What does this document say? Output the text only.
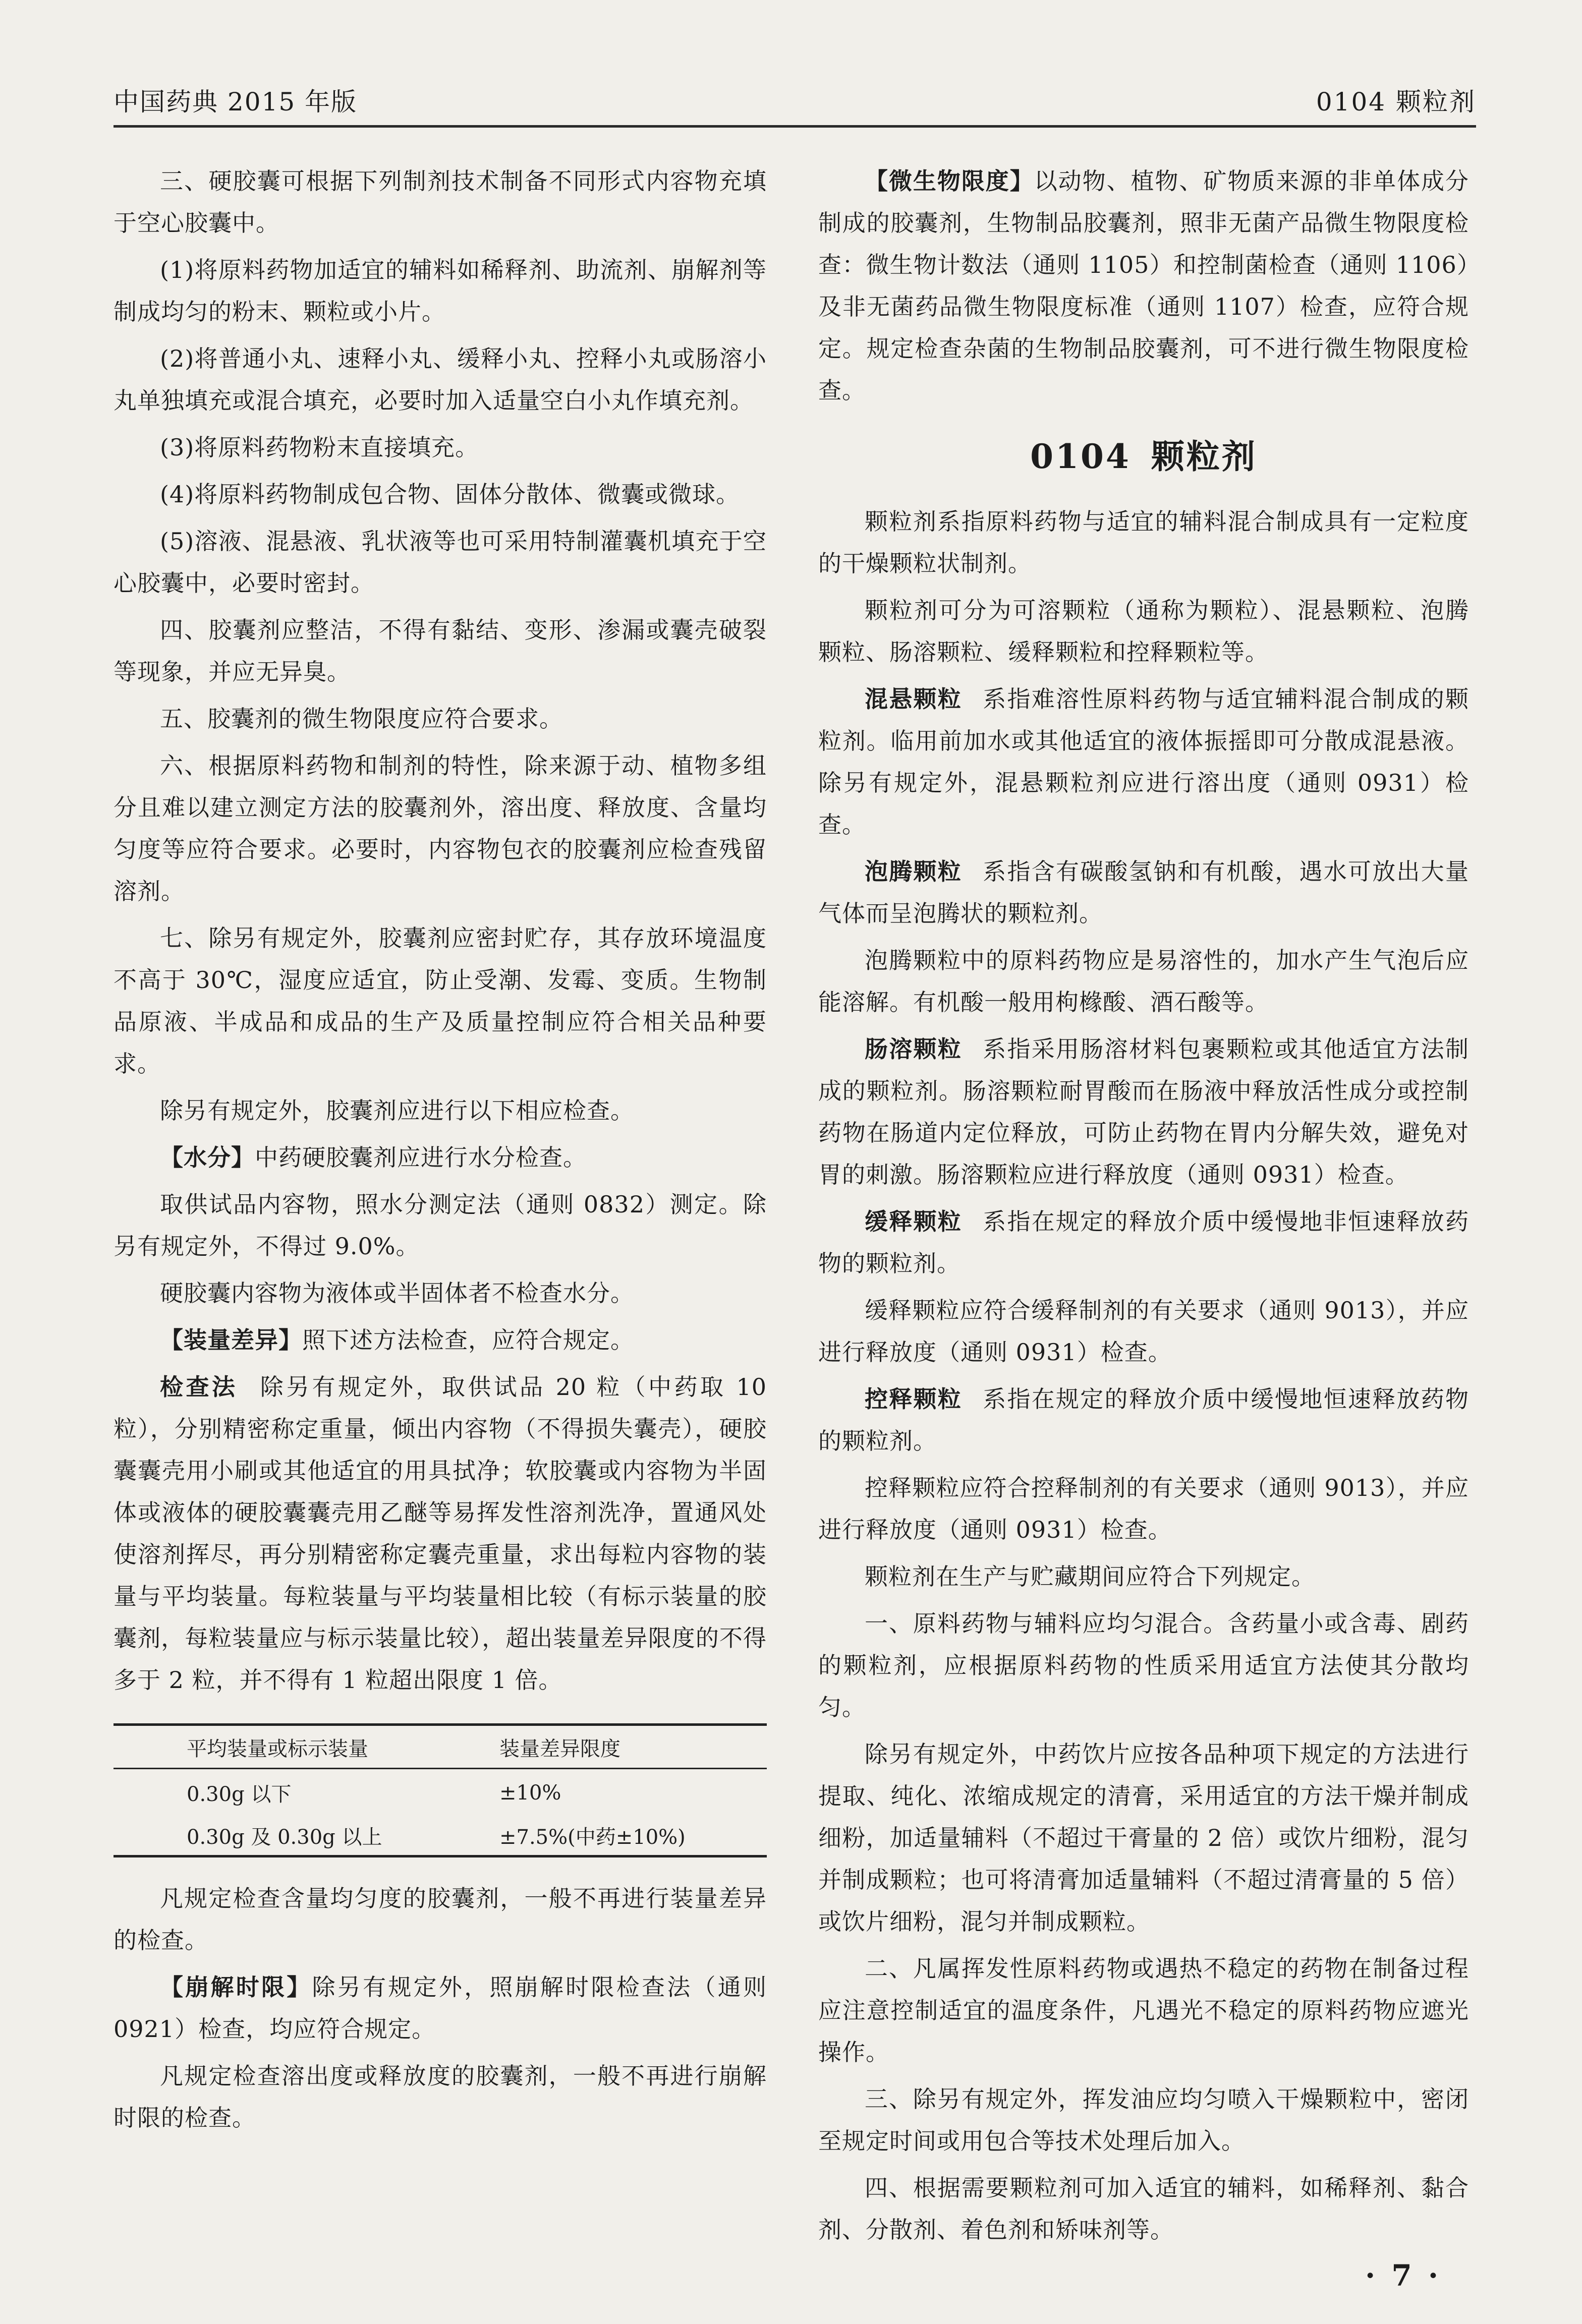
中国药典 2015 年版	0104 颗粒剂

三、硬胶囊可根据下列制剂技术制备不同形式内容物充填于空心胶囊中。

(1)将原料药物加适宜的辅料如稀释剂、助流剂、崩解剂等制成均匀的粉末、颗粒或小片。

(2)将普通小丸、速释小丸、缓释小丸、控释小丸或肠溶小丸单独填充或混合填充，必要时加入适量空白小丸作填充剂。

(3)将原料药物粉末直接填充。

(4)将原料药物制成包合物、固体分散体、微囊或微球。

(5)溶液、混悬液、乳状液等也可采用特制灌囊机填充于空心胶囊中，必要时密封。

四、胶囊剂应整洁，不得有黏结、变形、渗漏或囊壳破裂等现象，并应无异臭。

五、胶囊剂的微生物限度应符合要求。

六、根据原料药物和制剂的特性，除来源于动、植物多组分且难以建立测定方法的胶囊剂外，溶出度、释放度、含量均匀度等应符合要求。必要时，内容物包衣的胶囊剂应检查残留溶剂。

七、除另有规定外，胶囊剂应密封贮存，其存放环境温度不高于 30℃，湿度应适宜，防止受潮、发霉、变质。生物制品原液、半成品和成品的生产及质量控制应符合相关品种要求。

除另有规定外，胶囊剂应进行以下相应检查。

【水分】中药硬胶囊剂应进行水分检查。

取供试品内容物，照水分测定法（通则 0832）测定。除另有规定外，不得过 9.0%。

硬胶囊内容物为液体或半固体者不检查水分。

【装量差异】照下述方法检查，应符合规定。

检查法 除另有规定外，取供试品 20 粒（中药取 10 粒），分别精密称定重量，倾出内容物（不得损失囊壳），硬胶囊囊壳用小刷或其他适宜的用具拭净；软胶囊或内容物为半固体或液体的硬胶囊囊壳用乙醚等易挥发性溶剂洗净，置通风处使溶剂挥尽，再分别精密称定囊壳重量，求出每粒内容物的装量与平均装量。每粒装量与平均装量相比较（有标示装量的胶囊剂，每粒装量应与标示装量比较），超出装量差异限度的不得多于 2 粒，并不得有 1 粒超出限度 1 倍。

平均装量或标示装量	装量差异限度
0.30g 以下	±10%
0.30g 及 0.30g 以上	±7.5%(中药±10%)

凡规定检查含量均匀度的胶囊剂，一般不再进行装量差异的检查。

【崩解时限】除另有规定外，照崩解时限检查法（通则 0921）检查，均应符合规定。

凡规定检查溶出度或释放度的胶囊剂，一般不再进行崩解时限的检查。

【微生物限度】以动物、植物、矿物质来源的非单体成分制成的胶囊剂，生物制品胶囊剂，照非无菌产品微生物限度检查：微生物计数法（通则 1105）和控制菌检查（通则 1106）及非无菌药品微生物限度标准（通则 1107）检查，应符合规定。规定检查杂菌的生物制品胶囊剂，可不进行微生物限度检查。

0104 颗粒剂

颗粒剂系指原料药物与适宜的辅料混合制成具有一定粒度的干燥颗粒状制剂。

颗粒剂可分为可溶颗粒（通称为颗粒）、混悬颗粒、泡腾颗粒、肠溶颗粒、缓释颗粒和控释颗粒等。

混悬颗粒 系指难溶性原料药物与适宜辅料混合制成的颗粒剂。临用前加水或其他适宜的液体振摇即可分散成混悬液。除另有规定外，混悬颗粒剂应进行溶出度（通则 0931）检查。

泡腾颗粒 系指含有碳酸氢钠和有机酸，遇水可放出大量气体而呈泡腾状的颗粒剂。

泡腾颗粒中的原料药物应是易溶性的，加水产生气泡后应能溶解。有机酸一般用枸橼酸、酒石酸等。

肠溶颗粒 系指采用肠溶材料包裹颗粒或其他适宜方法制成的颗粒剂。肠溶颗粒耐胃酸而在肠液中释放活性成分或控制药物在肠道内定位释放，可防止药物在胃内分解失效，避免对胃的刺激。肠溶颗粒应进行释放度（通则 0931）检查。

缓释颗粒 系指在规定的释放介质中缓慢地非恒速释放药物的颗粒剂。

缓释颗粒应符合缓释制剂的有关要求（通则 9013），并应进行释放度（通则 0931）检查。

控释颗粒 系指在规定的释放介质中缓慢地恒速释放药物的颗粒剂。

控释颗粒应符合控释制剂的有关要求（通则 9013），并应进行释放度（通则 0931）检查。

颗粒剂在生产与贮藏期间应符合下列规定。

一、原料药物与辅料应均匀混合。含药量小或含毒、剧药的颗粒剂，应根据原料药物的性质采用适宜方法使其分散均匀。

除另有规定外，中药饮片应按各品种项下规定的方法进行提取、纯化、浓缩成规定的清膏，采用适宜的方法干燥并制成细粉，加适量辅料（不超过干膏量的 2 倍）或饮片细粉，混匀并制成颗粒；也可将清膏加适量辅料（不超过清膏量的 5 倍）或饮片细粉，混匀并制成颗粒。

二、凡属挥发性原料药物或遇热不稳定的药物在制备过程应注意控制适宜的温度条件，凡遇光不稳定的原料药物应遮光操作。

三、除另有规定外，挥发油应均匀喷入干燥颗粒中，密闭至规定时间或用包合等技术处理后加入。

四、根据需要颗粒剂可加入适宜的辅料，如稀释剂、黏合剂、分散剂、着色剂和矫味剂等。

· 7 ·
